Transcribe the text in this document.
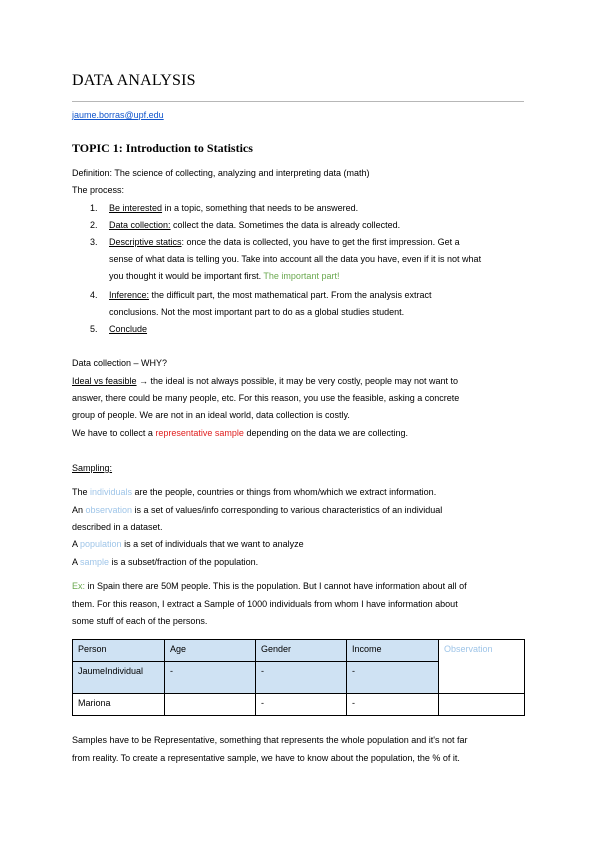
DATA ANALYSIS
jaume.borras@upf.edu
TOPIC 1: Introduction to Statistics
Definition: The science of collecting, analyzing and interpreting data (math)
The process:
1. Be interested in a topic, something that needs to be answered.
2. Data collection: collect the data. Sometimes the data is already collected.
3. Descriptive statics: once the data is collected, you have to get the first impression. Get a
sense of what data is telling you. Take into account all the data you have, even if it is not what
you thought it would be important first. The important part!
4. Inference: the difficult part, the most mathematical part. From the analysis extract
conclusions. Not the most important part to do as a global studies student.
5. Conclude
Data collection – WHY?
Ideal vs feasible → the ideal is not always possible, it may be very costly, people may not want to
answer, there could be many people, etc. For this reason, you use the feasible, asking a concrete
group of people. We are not in an ideal world, data collection is costly.
We have to collect a representative sample depending on the data we are collecting.
Sampling:
The individuals are the people, countries or things from whom/which we extract information.
An observation is a set of values/info corresponding to various characteristics of an individual
described in a dataset.
A population is a set of individuals that we want to analyze
A sample is a subset/fraction of the population.
Ex: in Spain there are 50M people. This is the population. But I cannot have information about all of
them. For this reason, I extract a Sample of 1000 individuals from whom I have information about
some stuff of each of the persons.
Person	Age	Gender	Income	Observation
JaumeIndividual	-	-	-	
Mariona		-	-	
Samples have to be Representative, something that represents the whole population and it's not far
from reality. To create a representative sample, we have to know about the population, the % of it.
